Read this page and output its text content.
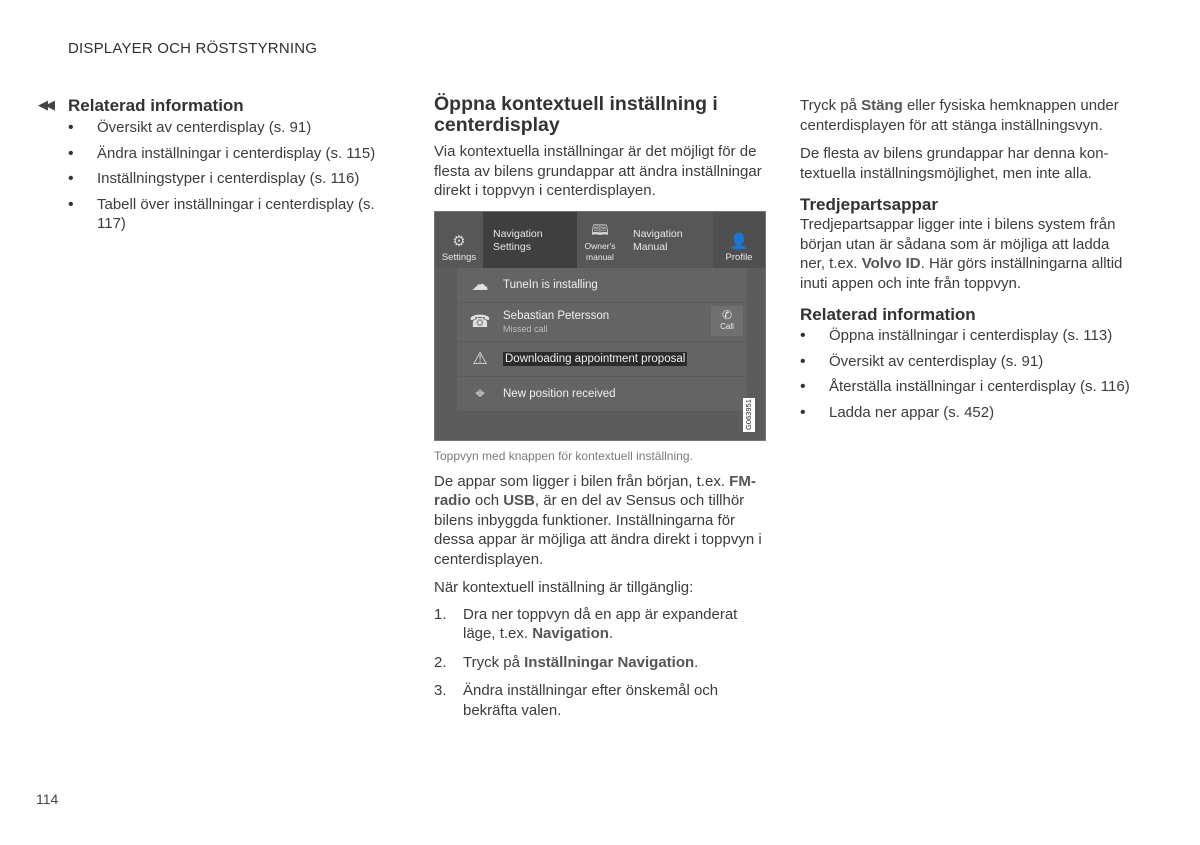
DISPLAYER OCH RÖSTSTYRNING
◀◀ Relaterad information
• Översikt av centerdisplay (s. 91)
• Ändra inställningar i centerdisplay (s. 115)
• Inställningstyper i centerdisplay (s. 116)
• Tabell över inställningar i centerdisplay (s. 117)
Öppna kontextuell inställning i centerdisplay

Via kontextuella inställningar är det möjligt för de flesta av bilens grundappar att ändra inställningar direkt i toppvyn i centerdisplayen.

⚙
Settings
Navigation Settings
🕮
Owner's manual
Navigation Manual	👤
Profile
☁	TuneIn is installing
☎	Sebastian Petersson
Missed call
✆
Call
⚠	Downloading appointment proposal
⌖	New position received
G063951
Toppvyn med knappen för kontextuell inställning.

De appar som ligger i bilen från början, t.ex. FM-radio och USB, är en del av Sensus och tillhör bilens inbyggda funktioner. Inställningarna för dessa appar är möjliga att ändra direkt i toppvyn i centerdisplayen.

När kontextuell inställning är tillgänglig:

1. Dra ner toppvyn då en app är expanderat läge, t.ex. Navigation.
2. Tryck på Inställningar Navigation.
3. Ändra inställningar efter önskemål och bekräfta valen.

Tryck på Stäng eller fysiska hemknappen under centerdisplayen för att stänga inställningsvyn.

De flesta av bilens grundappar har denna kontextuella inställningsmöjlighet, men inte alla.

Tredjepartsappar

Tredjepartsappar ligger inte i bilens system från början utan är sådana som är möjliga att ladda ner, t.ex. Volvo ID. Här görs inställningarna alltid inuti appen och inte från toppvyn.

Relaterad information
• Öppna inställningar i centerdisplay (s. 113)
• Översikt av centerdisplay (s. 91)
• Återställa inställningar i centerdisplay (s. 116)
• Ladda ner appar (s. 452)
114
